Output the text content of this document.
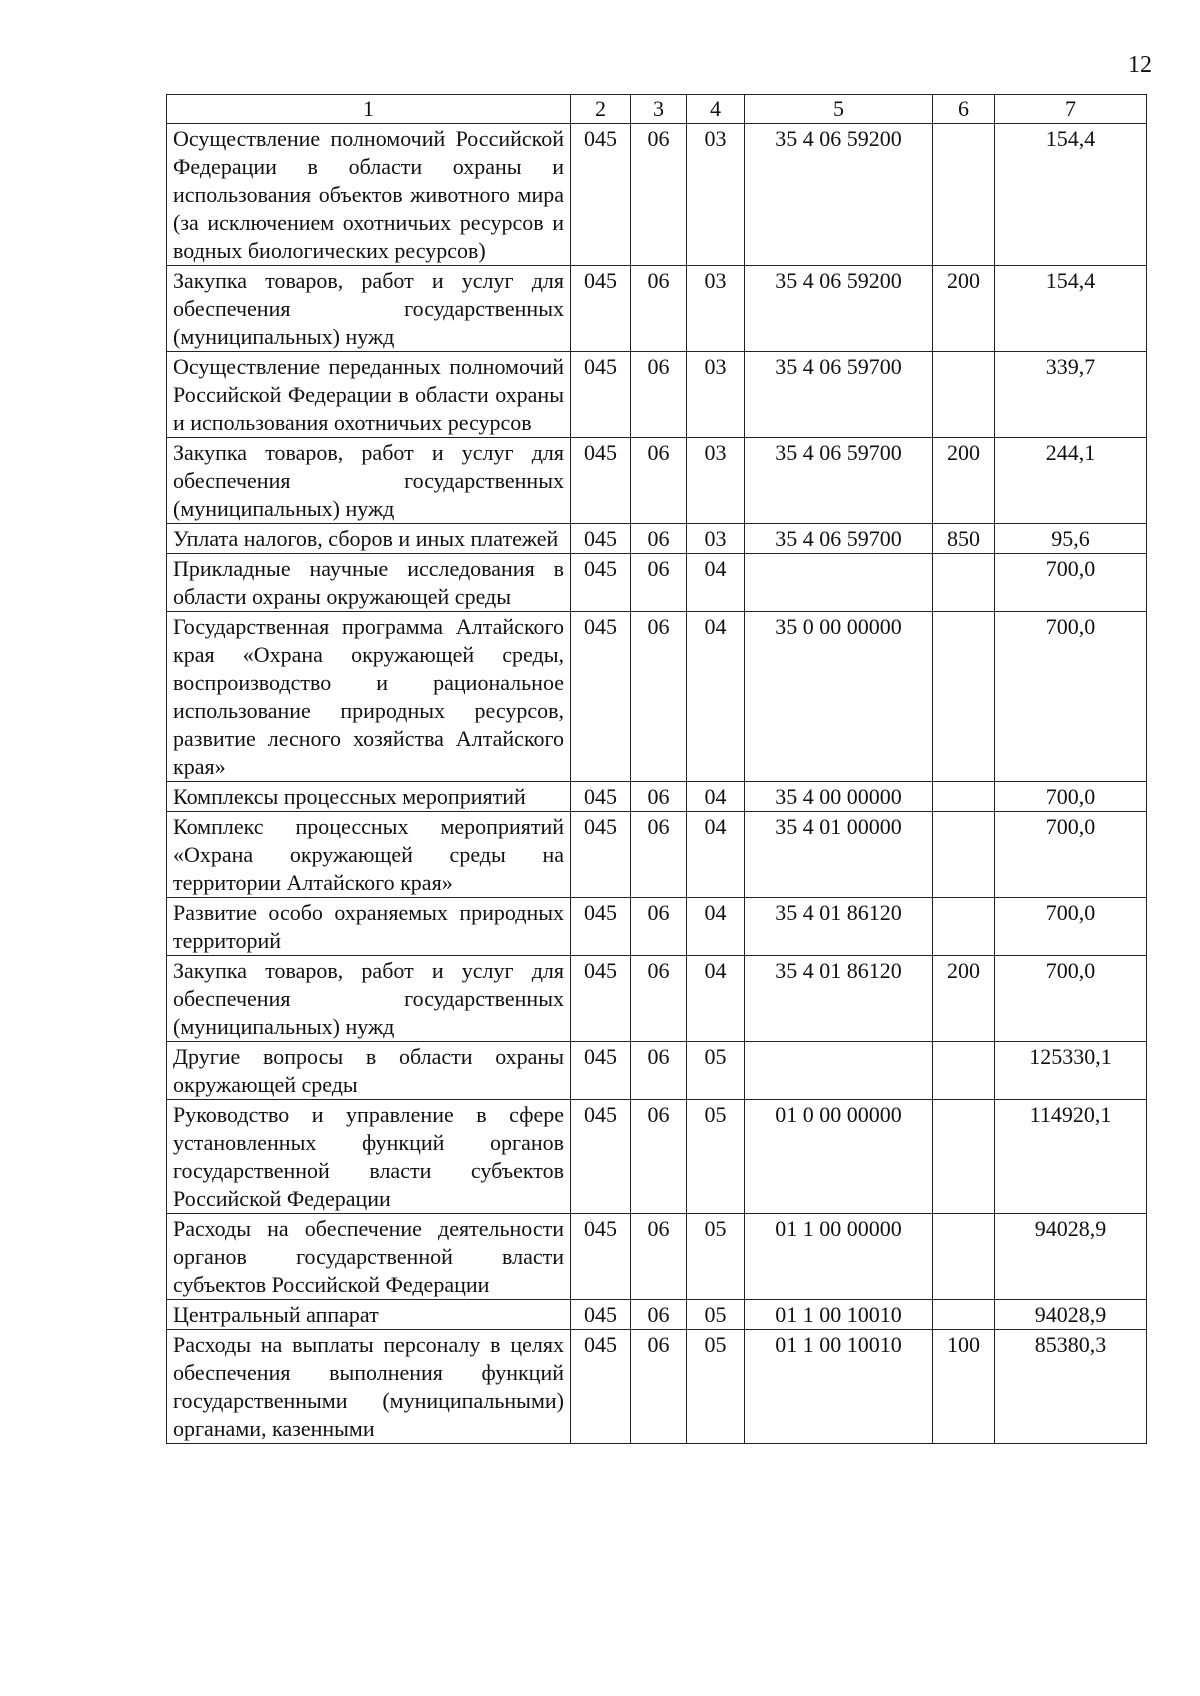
12
1	2	3	4	5	6	7
Осуществление полномочий Российской Федерации в области охраны и использования объектов животного мира (за исключением охотничьих ресурсов и водных биологических ресурсов)	045	06	03	35 4 06 59200		154,4
Закупка товаров, работ и услуг для обеспечения государственных (муниципальных) нужд	045	06	03	35 4 06 59200	200	154,4
Осуществление переданных полномочий Российской Федерации в области охраны и использования охотничьих ресурсов	045	06	03	35 4 06 59700		339,7
Закупка товаров, работ и услуг для обеспечения государственных (муниципальных) нужд	045	06	03	35 4 06 59700	200	244,1
Уплата налогов, сборов и иных платежей	045	06	03	35 4 06 59700	850	95,6
Прикладные научные исследования в области охраны окружающей среды	045	06	04			700,0
Государственная программа Алтайского края «Охрана окружающей среды, воспроизводство и рациональное использование природных ресурсов, развитие лесного хозяйства Алтайского края»	045	06	04	35 0 00 00000		700,0
Комплексы процессных мероприятий	045	06	04	35 4 00 00000		700,0
Комплекс процессных мероприятий «Охрана окружающей среды на территории Алтайского края»	045	06	04	35 4 01 00000		700,0
Развитие особо охраняемых природных территорий	045	06	04	35 4 01 86120		700,0
Закупка товаров, работ и услуг для обеспечения государственных (муниципальных) нужд	045	06	04	35 4 01 86120	200	700,0
Другие вопросы в области охраны окружающей среды	045	06	05			125330,1
Руководство и управление в сфере установленных функций органов государственной власти субъектов Российской Федерации	045	06	05	01 0 00 00000		114920,1
Расходы на обеспечение деятельности органов государственной власти субъектов Российской Федерации	045	06	05	01 1 00 00000		94028,9
Центральный аппарат	045	06	05	01 1 00 10010		94028,9
Расходы на выплаты персоналу в целях обеспечения выполнения функций государственными (муниципальными) органами, казенными	045	06	05	01 1 00 10010	100	85380,3
